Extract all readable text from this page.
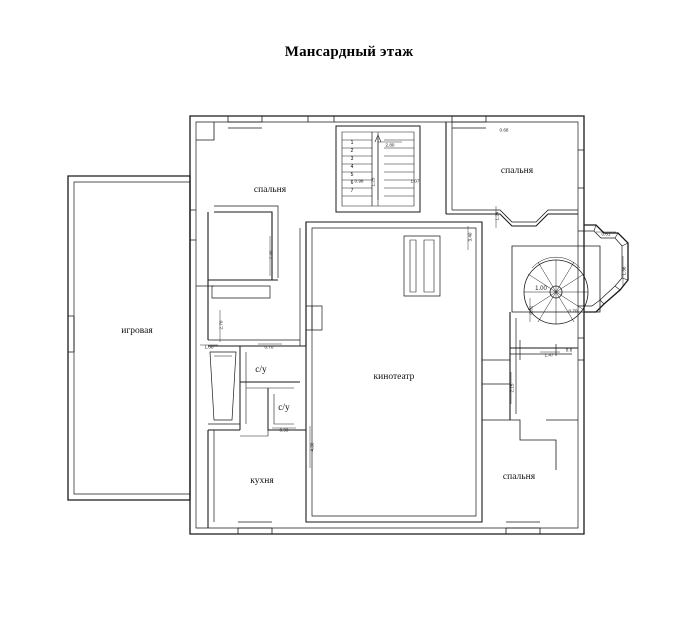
Мансардный этаж
игровая
спальня
спальня
спальня
кинотеатр
кухня
с/у
с/у
0.68
2.80
0.98 1.25	1.07
1.24
2.40
3.40	0.61
1.36
1.00
0.70
0.62
2.70
1.00	0.70
1.47
0.6
2.15
0.90
4.30
1
2
3
4
5
6
7
